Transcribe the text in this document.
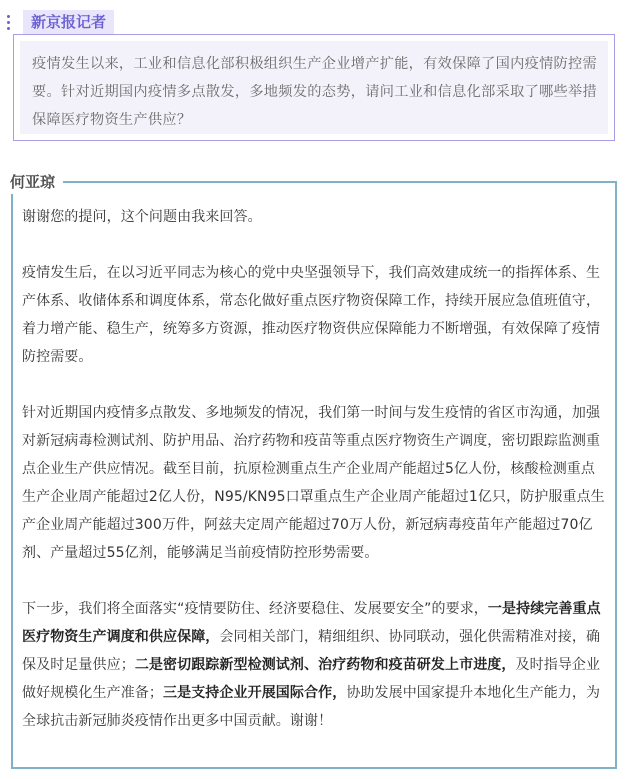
新京报记者
疫情发生以来，工业和信息化部积极组织生产企业增产扩能，有效保障了国内疫情防控需要。针对近期国内疫情多点散发，多地频发的态势，请问工业和信息化部采取了哪些举措保障医疗物资生产供应？

谢谢您的提问，这个问题由我来回答。

疫情发生后，在以习近平同志为核心的党中央坚强领导下，我们高效建成统一的指挥体系、生产体系、收储体系和调度体系，常态化做好重点医疗物资保障工作，持续开展应急值班值守，着力增产能、稳生产，统筹多方资源，推动医疗物资供应保障能力不断增强，有效保障了疫情防控需要。

针对近期国内疫情多点散发、多地频发的情况，我们第一时间与发生疫情的省区市沟通，加强对新冠病毒检测试剂、防护用品、治疗药物和疫苗等重点医疗物资生产调度，密切跟踪监测重点企业生产供应情况。截至目前，抗原检测重点生产企业周产能超过5亿人份，核酸检测重点生产企业周产能超过2亿人份，N95/KN95口罩重点生产企业周产能超过1亿只，防护服重点生产企业周产能超过300万件，阿兹夫定周产能超过70万人份，新冠病毒疫苗年产能超过70亿剂、产量超过55亿剂，能够满足当前疫情防控形势需要。

下一步，我们将全面落实“疫情要防住、经济要稳住、发展要安全”的要求，一是持续完善重点医疗物资生产调度和供应保障，会同相关部门，精细组织、协同联动，强化供需精准对接，确保及时足量供应；二是密切跟踪新型检测试剂、治疗药物和疫苗研发上市进度，及时指导企业做好规模化生产准备；三是支持企业开展国际合作，协助发展中国家提升本地化生产能力，为全球抗击新冠肺炎疫情作出更多中国贡献。谢谢！

何亚琼
